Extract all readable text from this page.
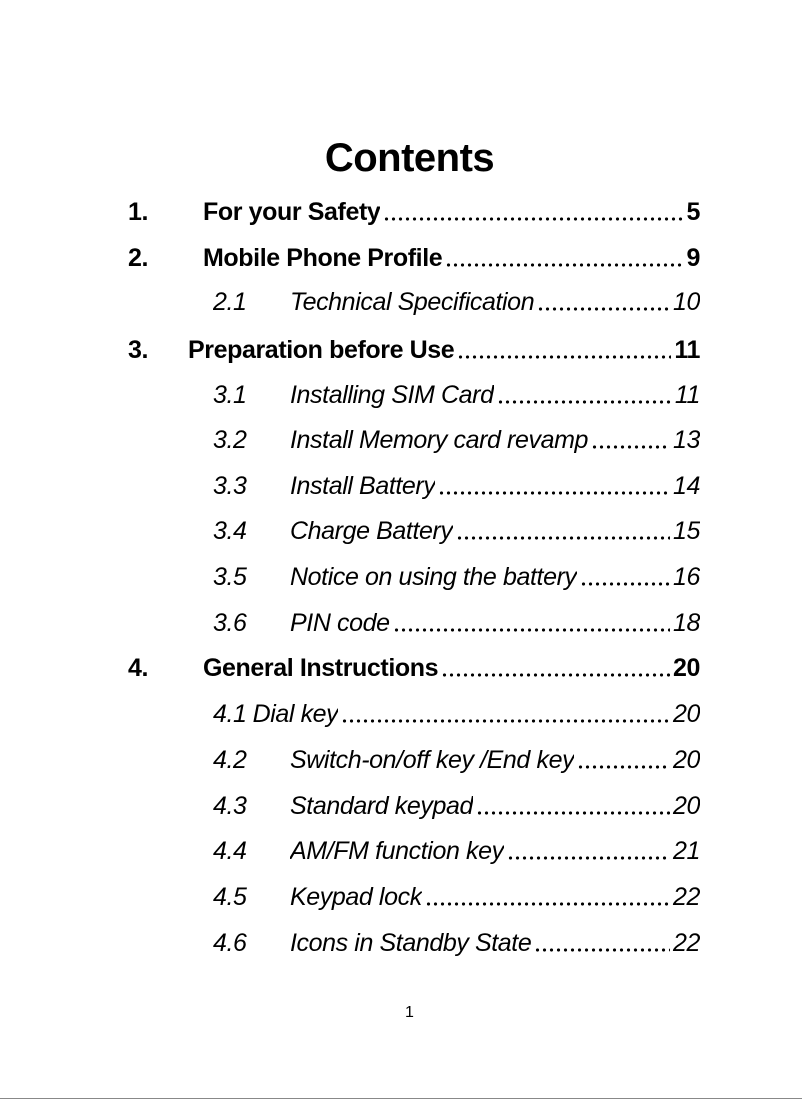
Contents
1.	For your Safety	5
2.	Mobile Phone Profile	9
2.1	Technical Specification	10
3.	Preparation before Use	11
3.1	Installing SIM Card	11
3.2	Install Memory card revamp	13
3.3	Install Battery	14
3.4	Charge Battery	15
3.5	Notice on using the battery	16
3.6	PIN code	18
4.	General Instructions	20
4.1 Dial key	20
4.2	Switch-on/off key /End key	20
4.3	Standard keypad	20
4.4	AM/FM function key	21
4.5	Keypad lock	22
4.6	Icons in Standby State	22
1
